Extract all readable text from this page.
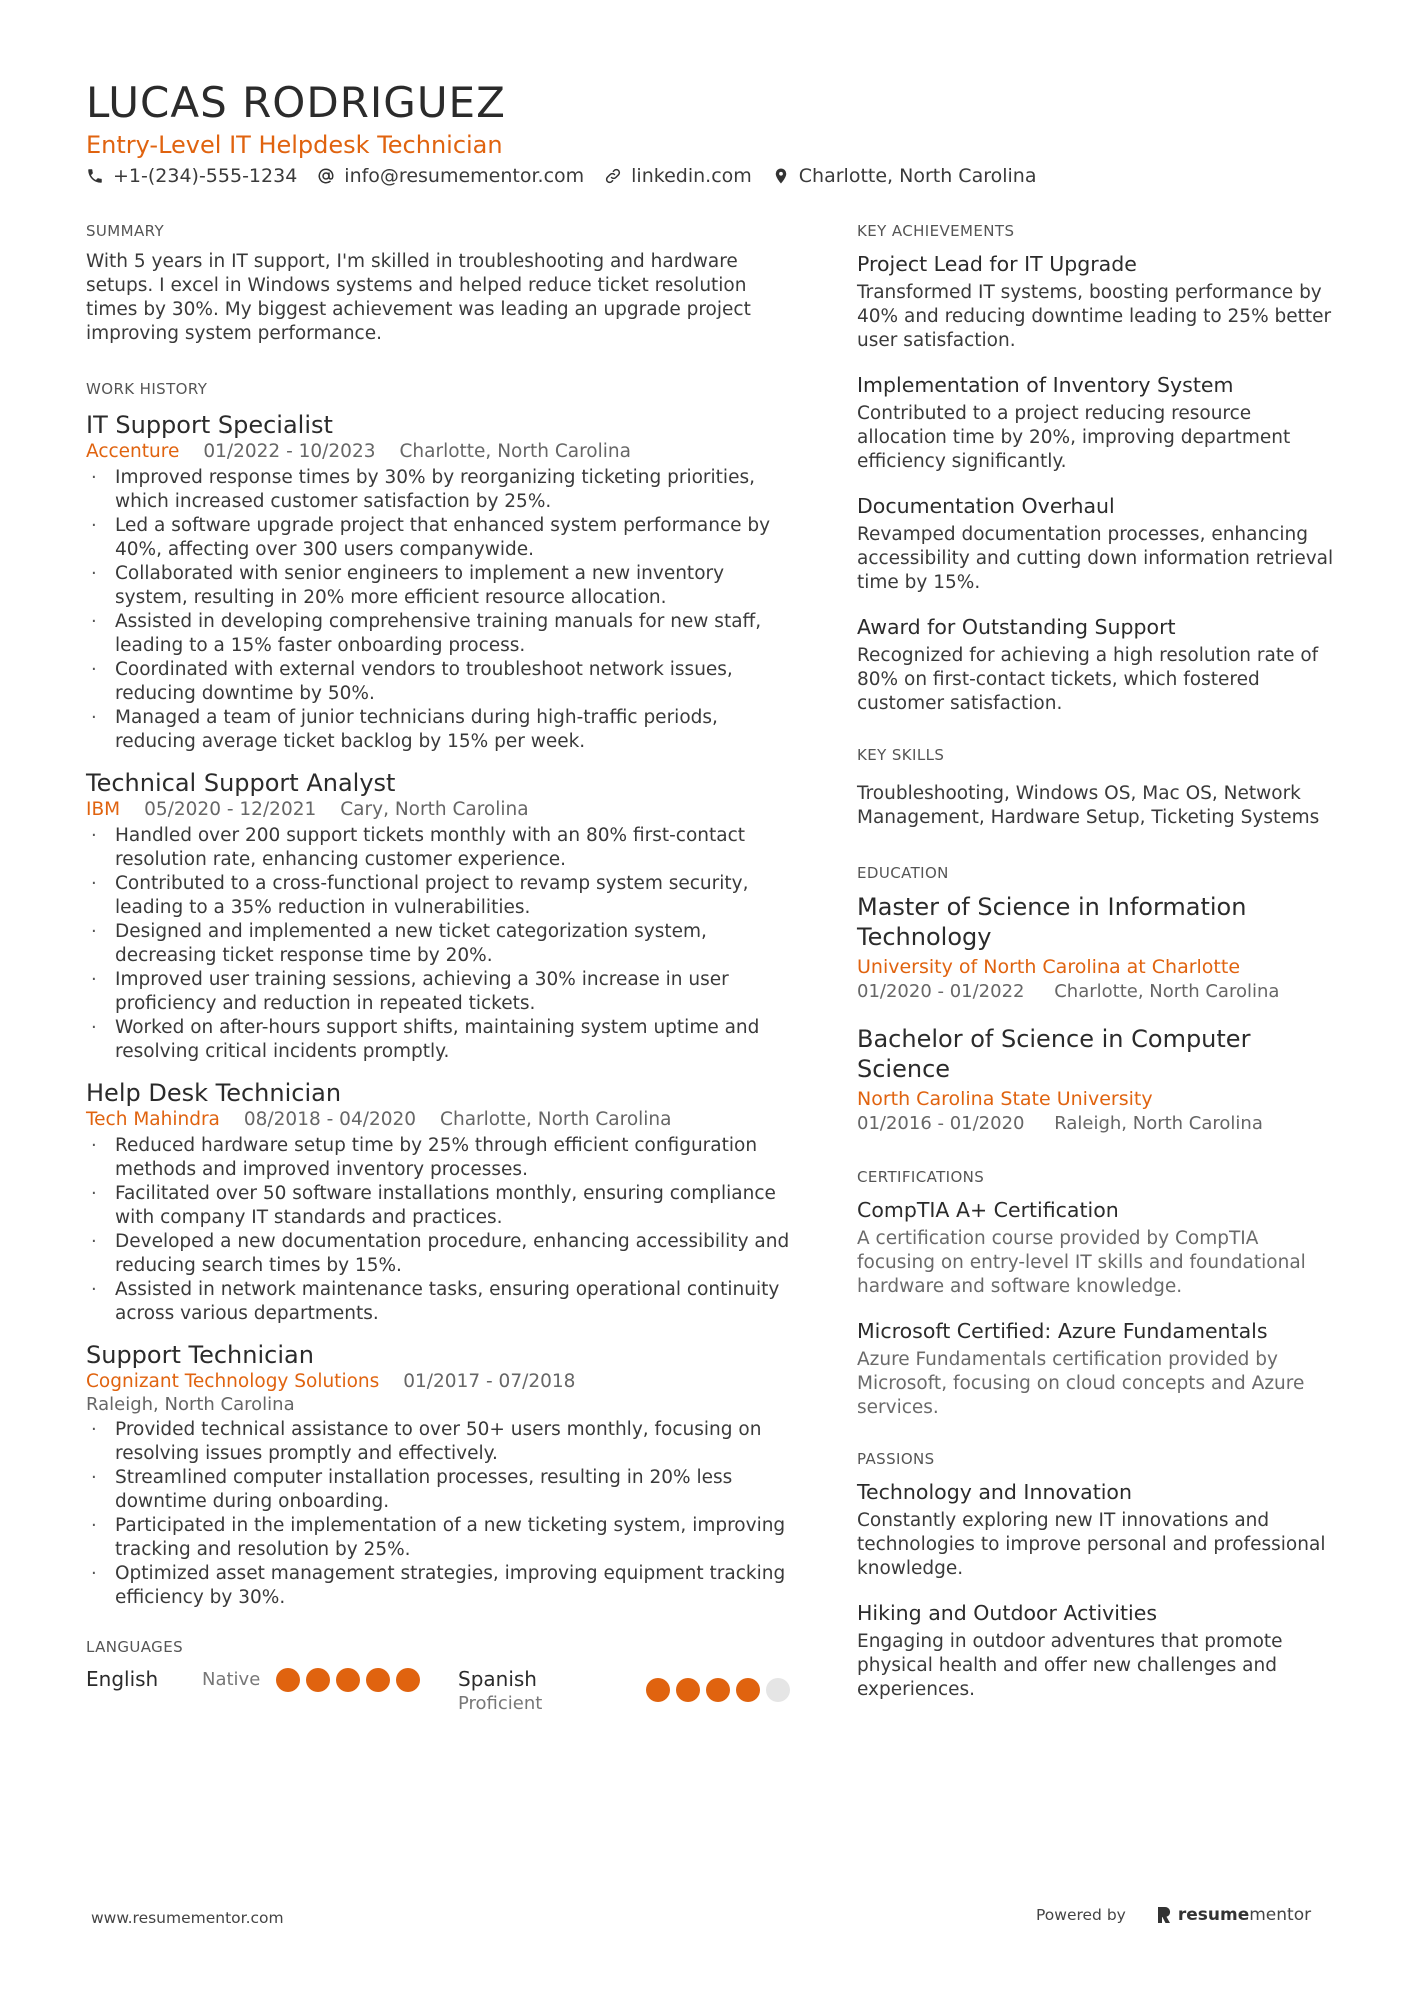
LUCAS RODRIGUEZ
Entry-Level IT Helpdesk Technician
+1-(234)-555-1234 info@resumementor.com linkedin.com Charlotte, North Carolina
SUMMARY
With 5 years in IT support, I'm skilled in troubleshooting and hardware setups. I excel in Windows systems and helped reduce ticket resolution times by 30%. My biggest achievement was leading an upgrade project improving system performance.
WORK HISTORY
IT Support Specialist
Accenture 01/2022 - 10/2023 Charlotte, North Carolina
· Improved response times by 30% by reorganizing ticketing priorities, which increased customer satisfaction by 25%.
· Led a software upgrade project that enhanced system performance by 40%, affecting over 300 users companywide.
· Collaborated with senior engineers to implement a new inventory system, resulting in 20% more efficient resource allocation.
· Assisted in developing comprehensive training manuals for new staff, leading to a 15% faster onboarding process.
· Coordinated with external vendors to troubleshoot network issues, reducing downtime by 50%.
· Managed a team of junior technicians during high-traffic periods, reducing average ticket backlog by 15% per week.
Technical Support Analyst
IBM 05/2020 - 12/2021 Cary, North Carolina
· Handled over 200 support tickets monthly with an 80% first-contact resolution rate, enhancing customer experience.
· Contributed to a cross-functional project to revamp system security, leading to a 35% reduction in vulnerabilities.
· Designed and implemented a new ticket categorization system, decreasing ticket response time by 20%.
· Improved user training sessions, achieving a 30% increase in user proficiency and reduction in repeated tickets.
· Worked on after-hours support shifts, maintaining system uptime and resolving critical incidents promptly.
Help Desk Technician
Tech Mahindra 08/2018 - 04/2020 Charlotte, North Carolina
· Reduced hardware setup time by 25% through efficient configuration methods and improved inventory processes.
· Facilitated over 50 software installations monthly, ensuring compliance with company IT standards and practices.
· Developed a new documentation procedure, enhancing accessibility and reducing search times by 15%.
· Assisted in network maintenance tasks, ensuring operational continuity across various departments.
Support Technician
Cognizant Technology Solutions 01/2017 - 07/2018
Raleigh, North Carolina
· Provided technical assistance to over 50+ users monthly, focusing on resolving issues promptly and effectively.
· Streamlined computer installation processes, resulting in 20% less downtime during onboarding.
· Participated in the implementation of a new ticketing system, improving tracking and resolution by 25%.
· Optimized asset management strategies, improving equipment tracking efficiency by 30%.
LANGUAGES
English	Native	Spanish
Proficient
KEY ACHIEVEMENTS
Project Lead for IT Upgrade
Transformed IT systems, boosting performance by 40% and reducing downtime leading to 25% better user satisfaction.
Implementation of Inventory System
Contributed to a project reducing resource allocation time by 20%, improving department efficiency significantly.
Documentation Overhaul
Revamped documentation processes, enhancing accessibility and cutting down information retrieval time by 15%.
Award for Outstanding Support
Recognized for achieving a high resolution rate of 80% on first-contact tickets, which fostered customer satisfaction.
KEY SKILLS
Troubleshooting, Windows OS, Mac OS, Network Management, Hardware Setup, Ticketing Systems
EDUCATION
Master of Science in Information Technology
University of North Carolina at Charlotte
01/2020 - 01/2022 Charlotte, North Carolina
Bachelor of Science in Computer Science
North Carolina State University
01/2016 - 01/2020 Raleigh, North Carolina
CERTIFICATIONS
CompTIA A+ Certification
A certification course provided by CompTIA focusing on entry-level IT skills and foundational hardware and software knowledge.
Microsoft Certified: Azure Fundamentals
Azure Fundamentals certification provided by Microsoft, focusing on cloud concepts and Azure services.
PASSIONS
Technology and Innovation
Constantly exploring new IT innovations and technologies to improve personal and professional knowledge.
Hiking and Outdoor Activities
Engaging in outdoor adventures that promote physical health and offer new challenges and experiences.
www.resumementor.com	Powered by	resume mentor
